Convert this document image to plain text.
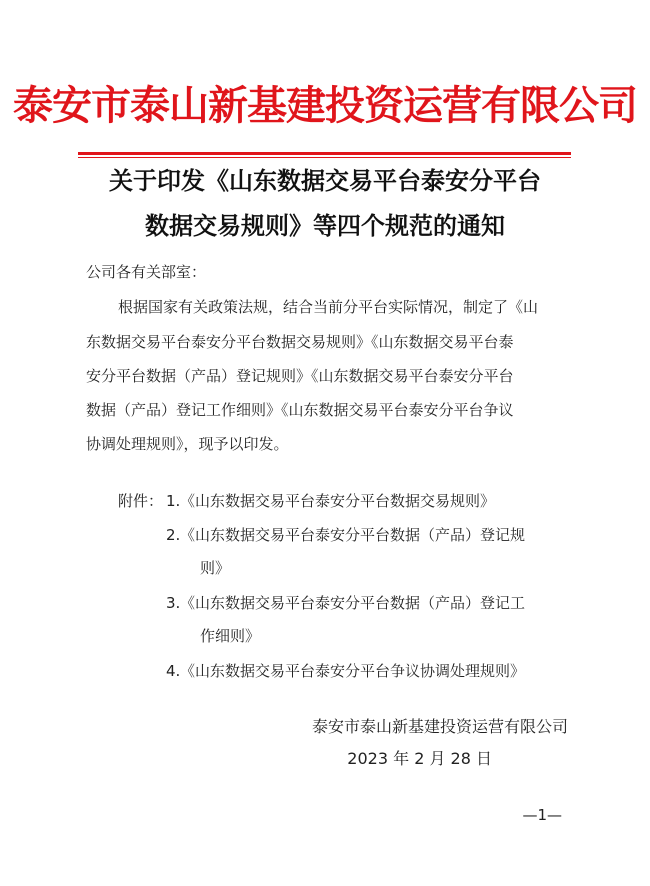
泰安市泰山新基建投资运营有限公司
关于印发《山东数据交易平台泰安分平台
数据交易规则》等四个规范的通知
公司各有关部室：
根据国家有关政策法规，结合当前分平台实际情况，制定了《山
东数据交易平台泰安分平台数据交易规则》《山东数据交易平台泰
安分平台数据（产品）登记规则》《山东数据交易平台泰安分平台
数据（产品）登记工作细则》《山东数据交易平台泰安分平台争议
协调处理规则》，现予以印发。
附件： 1. 《山东数据交易平台泰安分平台数据交易规则》
2. 《山东数据交易平台泰安分平台数据（产品）登记规
则》
3. 《山东数据交易平台泰安分平台数据（产品）登记工
作细则》
4. 《山东数据交易平台泰安分平台争议协调处理规则》
泰安市泰山新基建投资运营有限公司
2023 年 2 月 28 日
—1—
